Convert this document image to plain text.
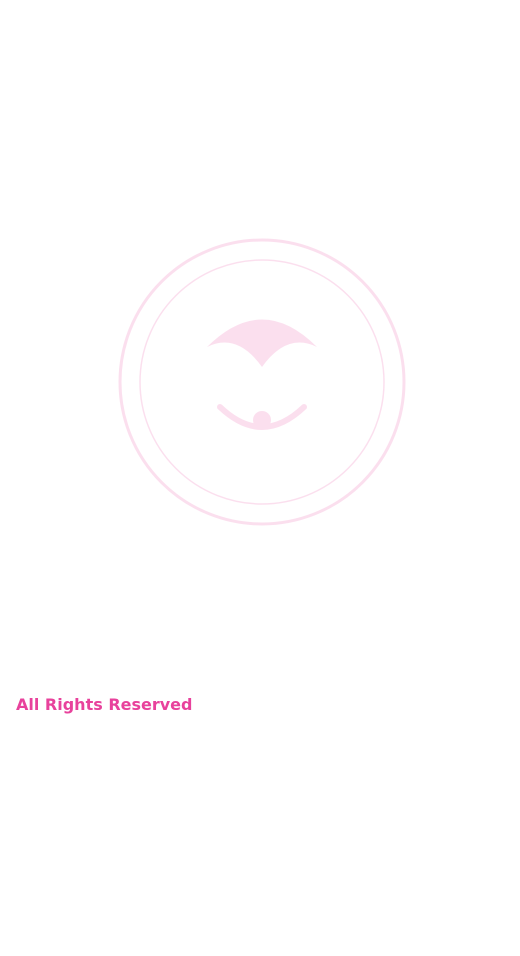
All Rights Reserved
